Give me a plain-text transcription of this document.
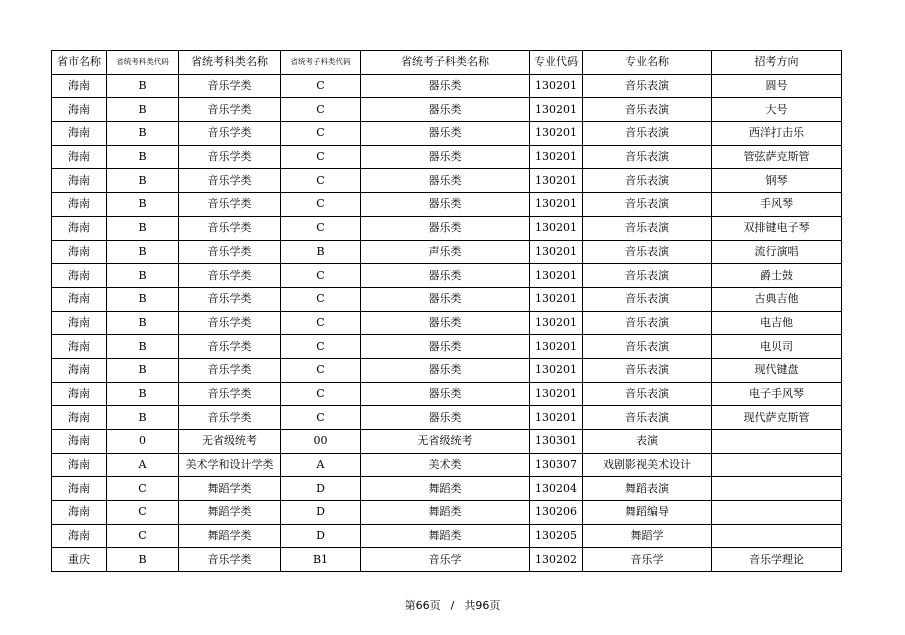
省市名称	省统考科类代码	省统考科类名称	省统考子科类代码	省统考子科类名称	专业代码	专业名称	招考方向
海南	B	音乐学类	C	器乐类	130201	音乐表演	圆号
海南	B	音乐学类	C	器乐类	130201	音乐表演	大号
海南	B	音乐学类	C	器乐类	130201	音乐表演	西洋打击乐
海南	B	音乐学类	C	器乐类	130201	音乐表演	管弦萨克斯管
海南	B	音乐学类	C	器乐类	130201	音乐表演	钢琴
海南	B	音乐学类	C	器乐类	130201	音乐表演	手风琴
海南	B	音乐学类	C	器乐类	130201	音乐表演	双排键电子琴
海南	B	音乐学类	B	声乐类	130201	音乐表演	流行演唱
海南	B	音乐学类	C	器乐类	130201	音乐表演	爵士鼓
海南	B	音乐学类	C	器乐类	130201	音乐表演	古典吉他
海南	B	音乐学类	C	器乐类	130201	音乐表演	电吉他
海南	B	音乐学类	C	器乐类	130201	音乐表演	电贝司
海南	B	音乐学类	C	器乐类	130201	音乐表演	现代键盘
海南	B	音乐学类	C	器乐类	130201	音乐表演	电子手风琴
海南	B	音乐学类	C	器乐类	130201	音乐表演	现代萨克斯管
海南	0	无省级统考	00	无省级统考	130301	表演	
海南	A	美术学和设计学类	A	美术类	130307	戏剧影视美术设计	
海南	C	舞蹈学类	D	舞蹈类	130204	舞蹈表演	
海南	C	舞蹈学类	D	舞蹈类	130206	舞蹈编导	
海南	C	舞蹈学类	D	舞蹈类	130205	舞蹈学	
重庆	B	音乐学类	B1	音乐学	130202	音乐学	音乐学理论
第66页 / 共96页
